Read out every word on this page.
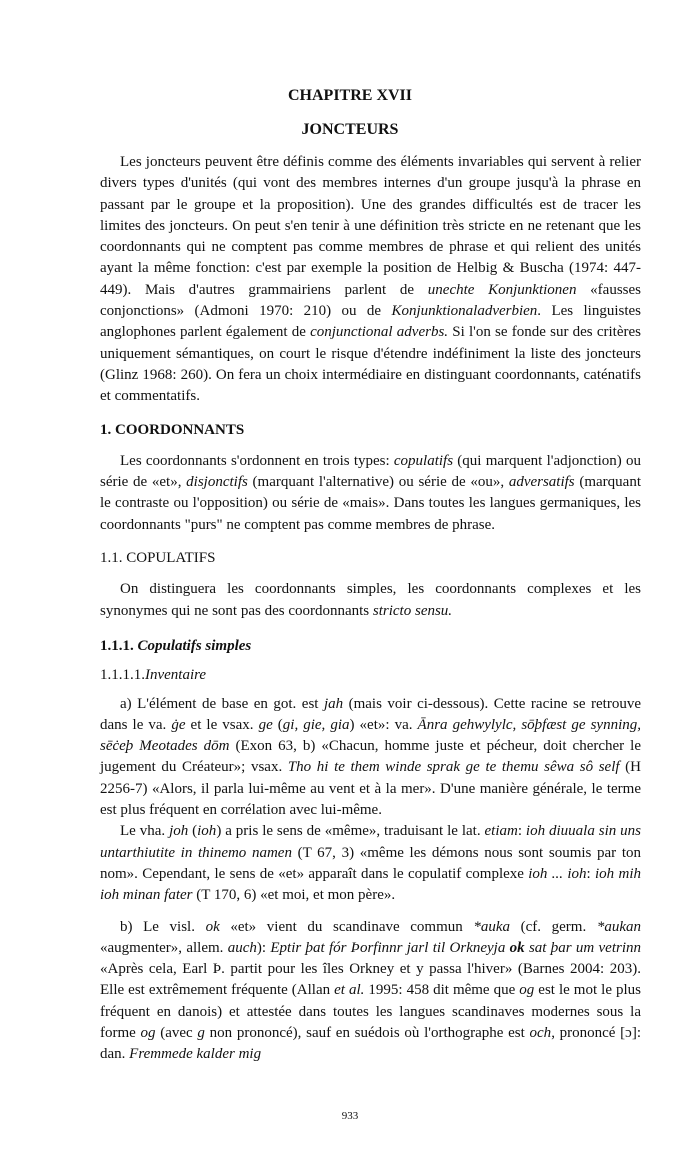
CHAPITRE XVII
JONCTEURS
Les joncteurs peuvent être définis comme des éléments invariables qui servent à relier divers types d'unités (qui vont des membres internes d'un groupe jusqu'à la phrase en passant par le groupe et la proposition). Une des grandes difficultés est de tracer les limites des joncteurs. On peut s'en tenir à une définition très stricte en ne retenant que les coordonnants qui ne comptent pas comme membres de phrase et qui relient des unités ayant la même fonction: c'est par exemple la position de Helbig & Buscha (1974: 447-449). Mais d'autres grammairiens parlent de unechte Konjunktionen «fausses conjonctions» (Admoni 1970: 210) ou de Konjunktionaladverbien. Les linguistes anglophones parlent également de conjunctional adverbs. Si l'on se fonde sur des critères uniquement sémantiques, on court le risque d'étendre indéfiniment la liste des joncteurs (Glinz 1968: 260). On fera un choix intermédiaire en distinguant coordonnants, caténatifs et commentatifs.
1. COORDONNANTS
Les coordonnants s'ordonnent en trois types: copulatifs (qui marquent l'adjonction) ou série de «et», disjonctifs (marquant l'alternative) ou série de «ou», adversatifs (marquant le contraste ou l'opposition) ou série de «mais». Dans toutes les langues germaniques, les coordonnants "purs" ne comptent pas comme membres de phrase.
1.1. COPULATIFS
On distinguera les coordonnants simples, les coordonnants complexes et les synonymes qui ne sont pas des coordonnants stricto sensu.
1.1.1. Copulatifs simples
1.1.1.1.Inventaire
a) L'élément de base en got. est jah (mais voir ci-dessous). Cette racine se retrouve dans le va. ġe et le vsax. ge (gi, gie, gia) «et»: va. Ānra gehwylylc, sōþfæst ge synning, sēċeþ Meotades dōm (Exon 63, b) «Chacun, homme juste et pécheur, doit chercher le jugement du Créateur»; vsax. Tho hi te them winde sprak ge te themu sêwa sô self (H 2256-7) «Alors, il parla lui-même au vent et à la mer». D'une manière générale, le terme est plus fréquent en corrélation avec lui-même.
Le vha. joh (ioh) a pris le sens de «même», traduisant le lat. etiam: ioh diuuala sin uns untarthiutite in thinemo namen (T 67, 3) «même les démons nous sont soumis par ton nom». Cependant, le sens de «et» apparaît dans le copulatif complexe ioh ... ioh: ioh mih ioh minan fater (T 170, 6) «et moi, et mon père».
b) Le visl. ok «et» vient du scandinave commun *auka (cf. germ. *aukan «augmenter», allem. auch): Eptir þat fór Þorfinnr jarl til Orkneyja ok sat þar um vetrinn «Après cela, Earl Þ. partit pour les îles Orkney et y passa l'hiver» (Barnes 2004: 203). Elle est extrêmement fréquente (Allan et al. 1995: 458 dit même que og est le mot le plus fréquent en danois) et attestée dans toutes les langues scandinaves modernes sous la forme og (avec g non prononcé), sauf en suédois où l'orthographe est och, prononcé [ɔ]: dan. Fremmede kalder mig
933
